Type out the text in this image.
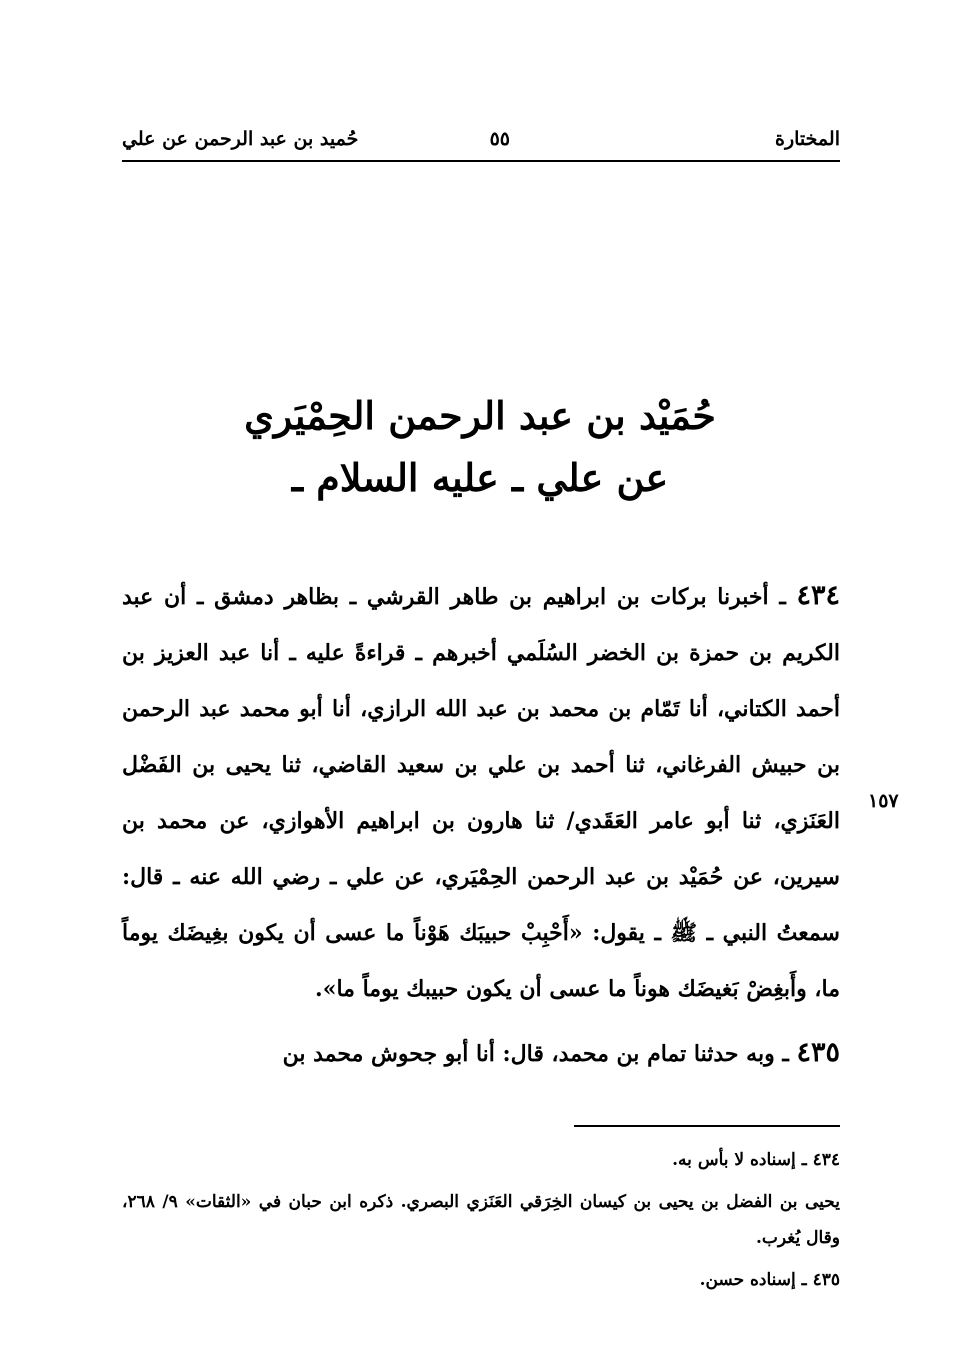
المختارة
٥٥
حُميد بن عبد الرحمن عن علي
حُمَيْد بن عبد الرحمن الحِمْيَري
عن علي ـ عليه السلام ـ

٤٣٤ ـ أخبرنا بركات بن ابراهيم بن طاهر القرشي ـ بظاهر دمشق ـ أن عبد الكريم بن حمزة بن الخضر السُلَمي أخبرهم ـ قراءةً عليه ـ أنا عبد العزيز بن أحمد الكتاني، أنا تَمّام بن محمد بن عبد الله الرازي، أنا أبو محمد عبد الرحمن بن حبيش الفرغاني، ثنا أحمد بن علي بن سعيد القاضي، ثنا يحيى بن الفَضْل العَنَزي، ثنا أبو عامر العَقَدي/ ثنا هارون بن ابراهيم الأهوازي، عن محمد بن سيرين، عن حُمَيْد بن عبد الرحمن الحِمْيَري، عن علي ـ رضي الله عنه ـ قال: سمعتُ النبي ـ ﷺ ـ يقول: «أَحْبِبْ حبيبَك هَوْناً ما عسى أن يكون بغِيضَك يوماً ما، وأَبغِضْ بَغيضَك هوناً ما عسى أن يكون حبيبك يوماً ما».

٤٣٥ ـ وبه حدثنا تمام بن محمد، قال: أنا أبو جحوش محمد بن

١٥٧

٤٣٤ ـ إسناده لا بأس به.

يحيى بن الفضل بن يحيى بن كيسان الخِرَقي العَنَزي البصري. ذكره ابن حبان في «الثقات» ٩/ ٢٦٨، وقال يُغرب.

٤٣٥ ـ إسناده حسن.
